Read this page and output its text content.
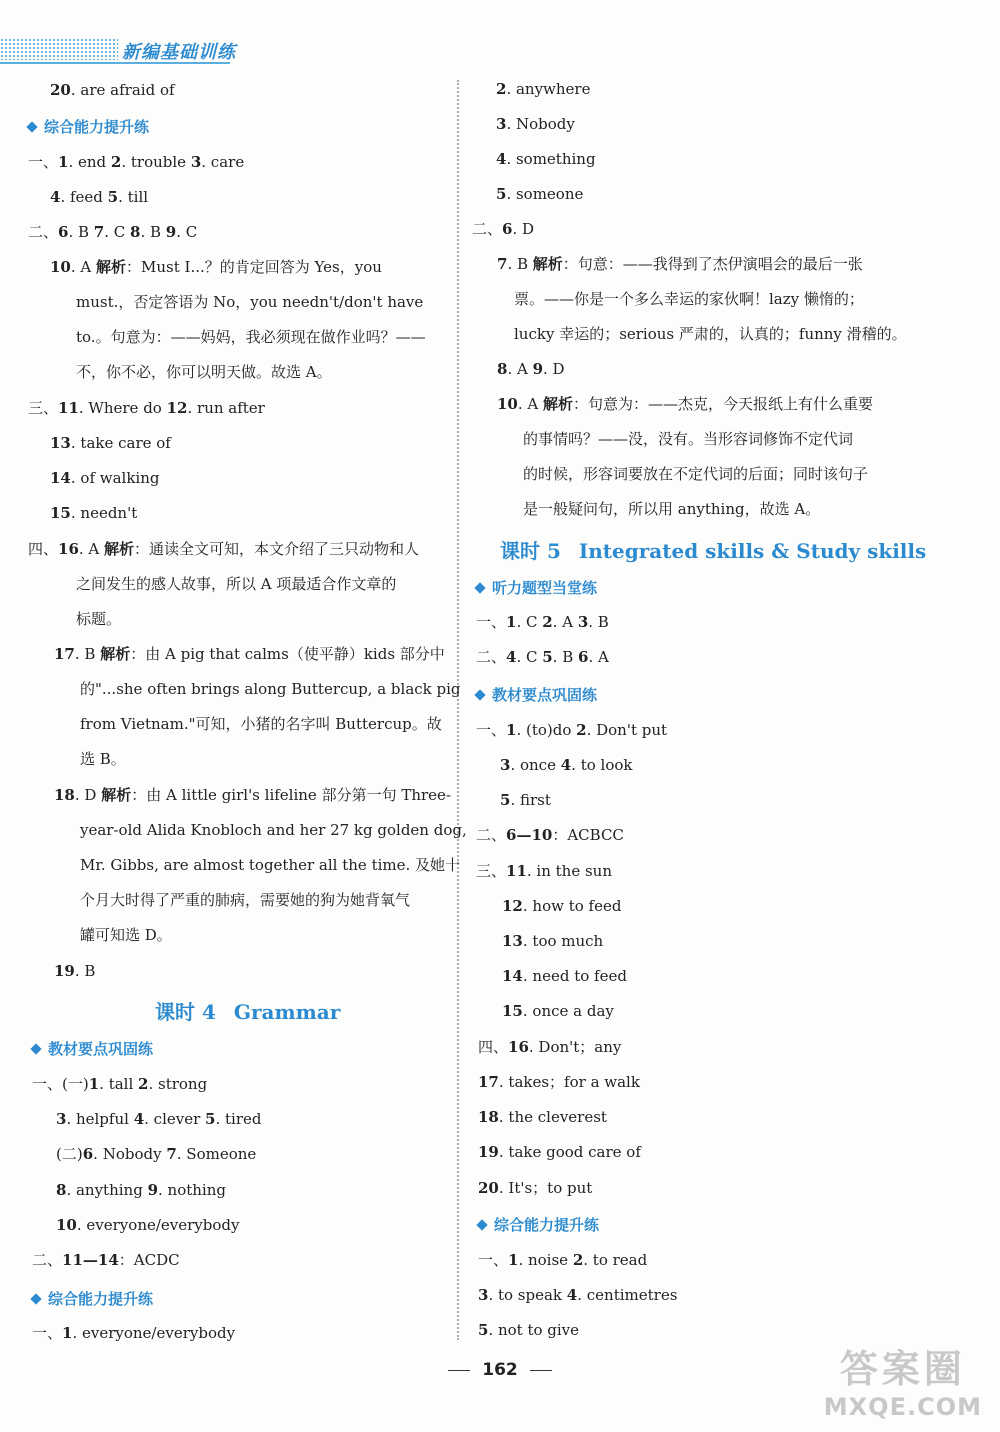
新编基础训练
20. are afraid of
综合能力提升练
一、1. end 2. trouble 3. care
4. feed 5. till
二、6. B 7. C 8. B 9. C
10. A 解析：Must I...？的肯定回答为 Yes，you
must.，否定答语为 No，you needn't/don't have
to.。句意为：——妈妈，我必须现在做作业吗？——
不，你不必，你可以明天做。故选 A。
三、11. Where do 12. run after
13. take care of
14. of walking
15. needn't
四、16. A 解析：通读全文可知，本文介绍了三只动物和人
之间发生的感人故事，所以 A 项最适合作文章的
标题。
17. B 解析：由 A pig that calms（使平静）kids 部分中
的"...she often brings along Buttercup, a black pig
from Vietnam."可知，小猪的名字叫 Buttercup。故
选 B。
18. D 解析：由 A little girl's lifeline 部分第一句 Three-
year-old Alida Knobloch and her 27 kg golden dog,
Mr. Gibbs, are almost together all the time. 及她十
个月大时得了严重的肺病，需要她的狗为她背氧气
罐可知选 D。
19. B
课时 4 Grammar
教材要点巩固练
一、(一)1. tall 2. strong
3. helpful 4. clever 5. tired
(二)6. Nobody 7. Someone
8. anything 9. nothing
10. everyone/everybody
二、11—14：ACDC
综合能力提升练
一、1. everyone/everybody
2. anywhere
3. Nobody
4. something
5. someone
二、6. D
7. B 解析：句意：——我得到了杰伊演唱会的最后一张
票。——你是一个多么幸运的家伙啊！lazy 懒惰的；
lucky 幸运的；serious 严肃的，认真的；funny 滑稽的。
8. A 9. D
10. A 解析：句意为：——杰克，今天报纸上有什么重要
的事情吗？——没，没有。当形容词修饰不定代词
的时候，形容词要放在不定代词的后面；同时该句子
是一般疑问句，所以用 anything，故选 A。
课时 5 Integrated skills & Study skills
听力题型当堂练
一、1. C 2. A 3. B
二、4. C 5. B 6. A
教材要点巩固练
一、1. (to)do 2. Don't put
3. once 4. to look
5. first
二、6—10：ACBCC
三、11. in the sun
12. how to feed
13. too much
14. need to feed
15. once a day
四、16. Don't；any
17. takes；for a walk
18. the cleverest
19. take good care of
20. It's；to put
综合能力提升练
一、1. noise 2. to read
3. to speak 4. centimetres
5. not to give
162	答案圈
MXQE.COM
